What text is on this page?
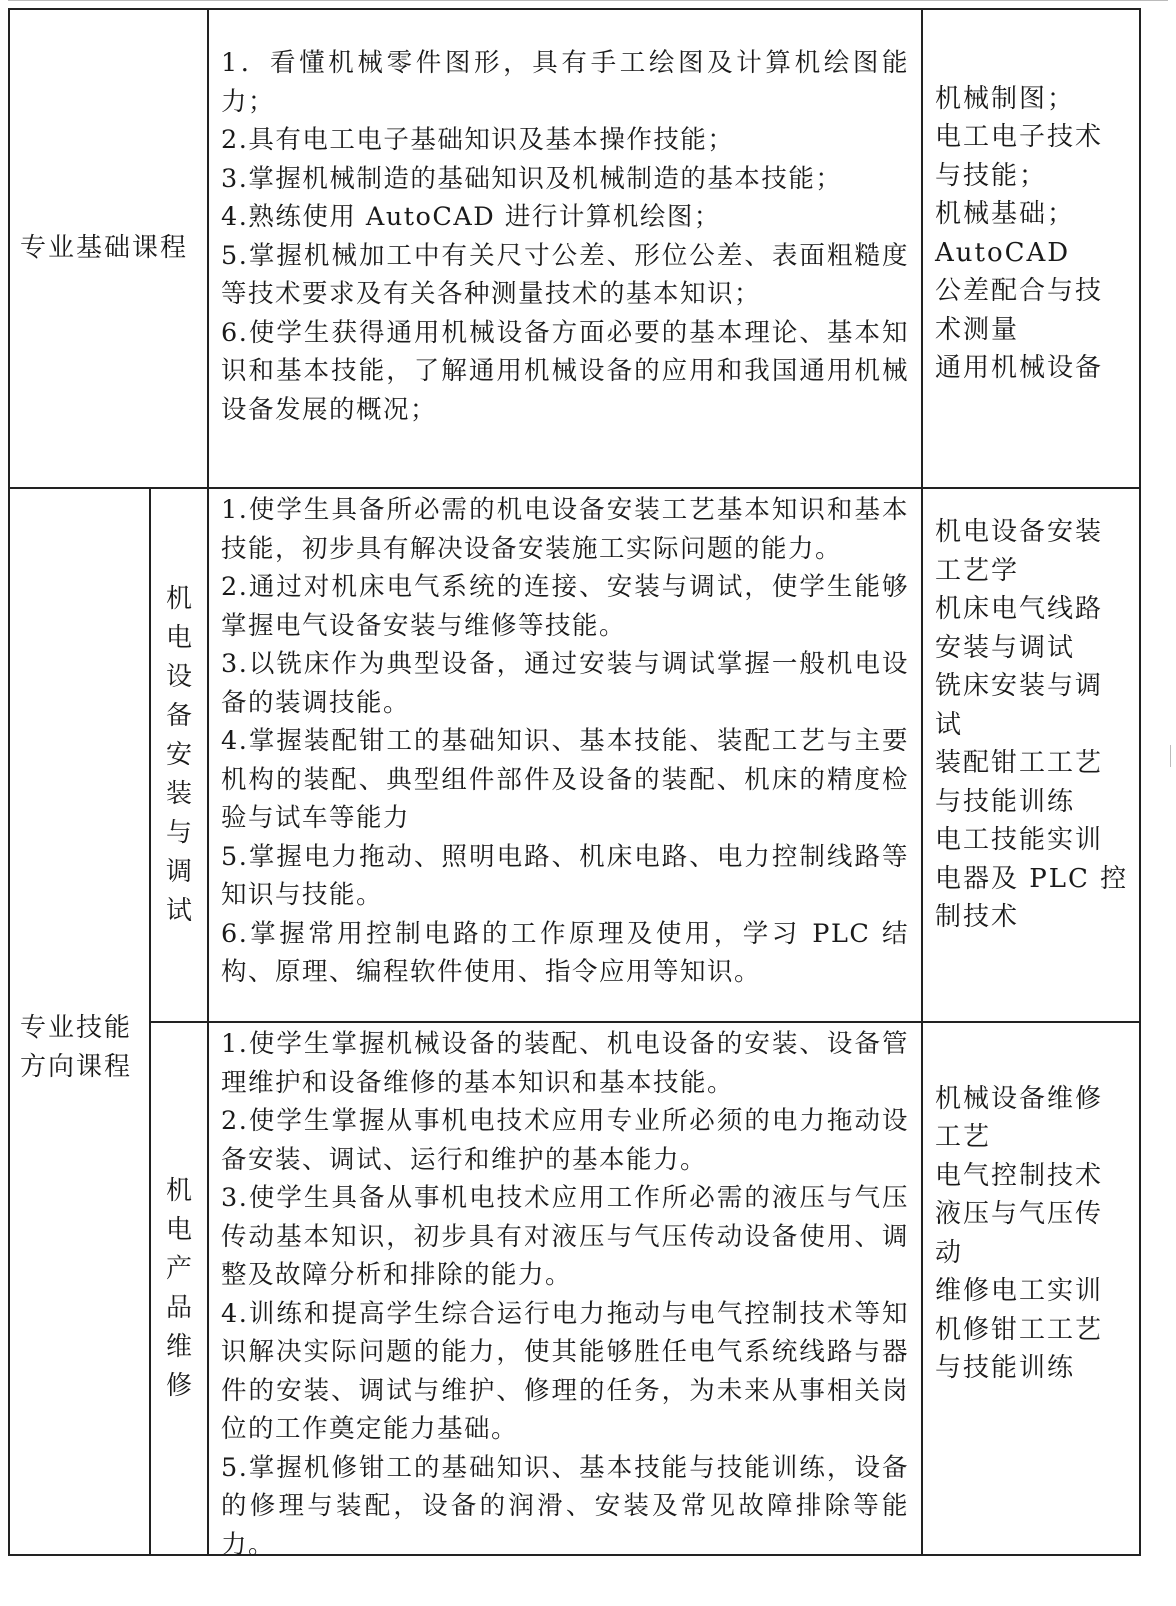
专业基础课程
1．看懂机械零件图形，具有手工绘图及计算机绘图能力；
2.具有电工电子基础知识及基本操作技能；
3.掌握机械制造的基础知识及机械制造的基本技能；
4.熟练使用 AutoCAD 进行计算机绘图；
5.掌握机械加工中有关尺寸公差、形位公差、表面粗糙度等技术要求及有关各种测量技术的基本知识；
6.使学生获得通用机械设备方面必要的基本理论、基本知识和基本技能，了解通用机械设备的应用和我国通用机械设备发展的概况；
机械制图；
电工电子技术与技能；
机械基础；
AutoCAD
公差配合与技术测量
通用机械设备
专业技能
方向课程
机电设备安装与调试
1.使学生具备所必需的机电设备安装工艺基本知识和基本技能，初步具有解决设备安装施工实际问题的能力。
2.通过对机床电气系统的连接、安装与调试，使学生能够掌握电气设备安装与维修等技能。
3.以铣床作为典型设备，通过安装与调试掌握一般机电设备的装调技能。
4.掌握装配钳工的基础知识、基本技能、装配工艺与主要机构的装配、典型组件部件及设备的装配、机床的精度检验与试车等能力
5.掌握电力拖动、照明电路、机床电路、电力控制线路等知识与技能。
6.掌握常用控制电路的工作原理及使用，学习 PLC 结构、原理、编程软件使用、指令应用等知识。
机电设备安装工艺学
机床电气线路安装与调试
铣床安装与调试
装配钳工工艺与技能训练
电工技能实训
电器及 PLC 控制技术
机电产品维修
1.使学生掌握机械设备的装配、机电设备的安装、设备管理维护和设备维修的基本知识和基本技能。
2.使学生掌握从事机电技术应用专业所必须的电力拖动设备安装、调试、运行和维护的基本能力。
3.使学生具备从事机电技术应用工作所必需的液压与气压传动基本知识，初步具有对液压与气压传动设备使用、调整及故障分析和排除的能力。
4.训练和提高学生综合运行电力拖动与电气控制技术等知识解决实际问题的能力，使其能够胜任电气系统线路与器件的安装、调试与维护、修理的任务，为未来从事相关岗位的工作奠定能力基础。
5.掌握机修钳工的基础知识、基本技能与技能训练，设备的修理与装配，设备的润滑、安装及常见故障排除等能力。
机械设备维修工艺
电气控制技术
液压与气压传动
维修电工实训
机修钳工工艺与技能训练
